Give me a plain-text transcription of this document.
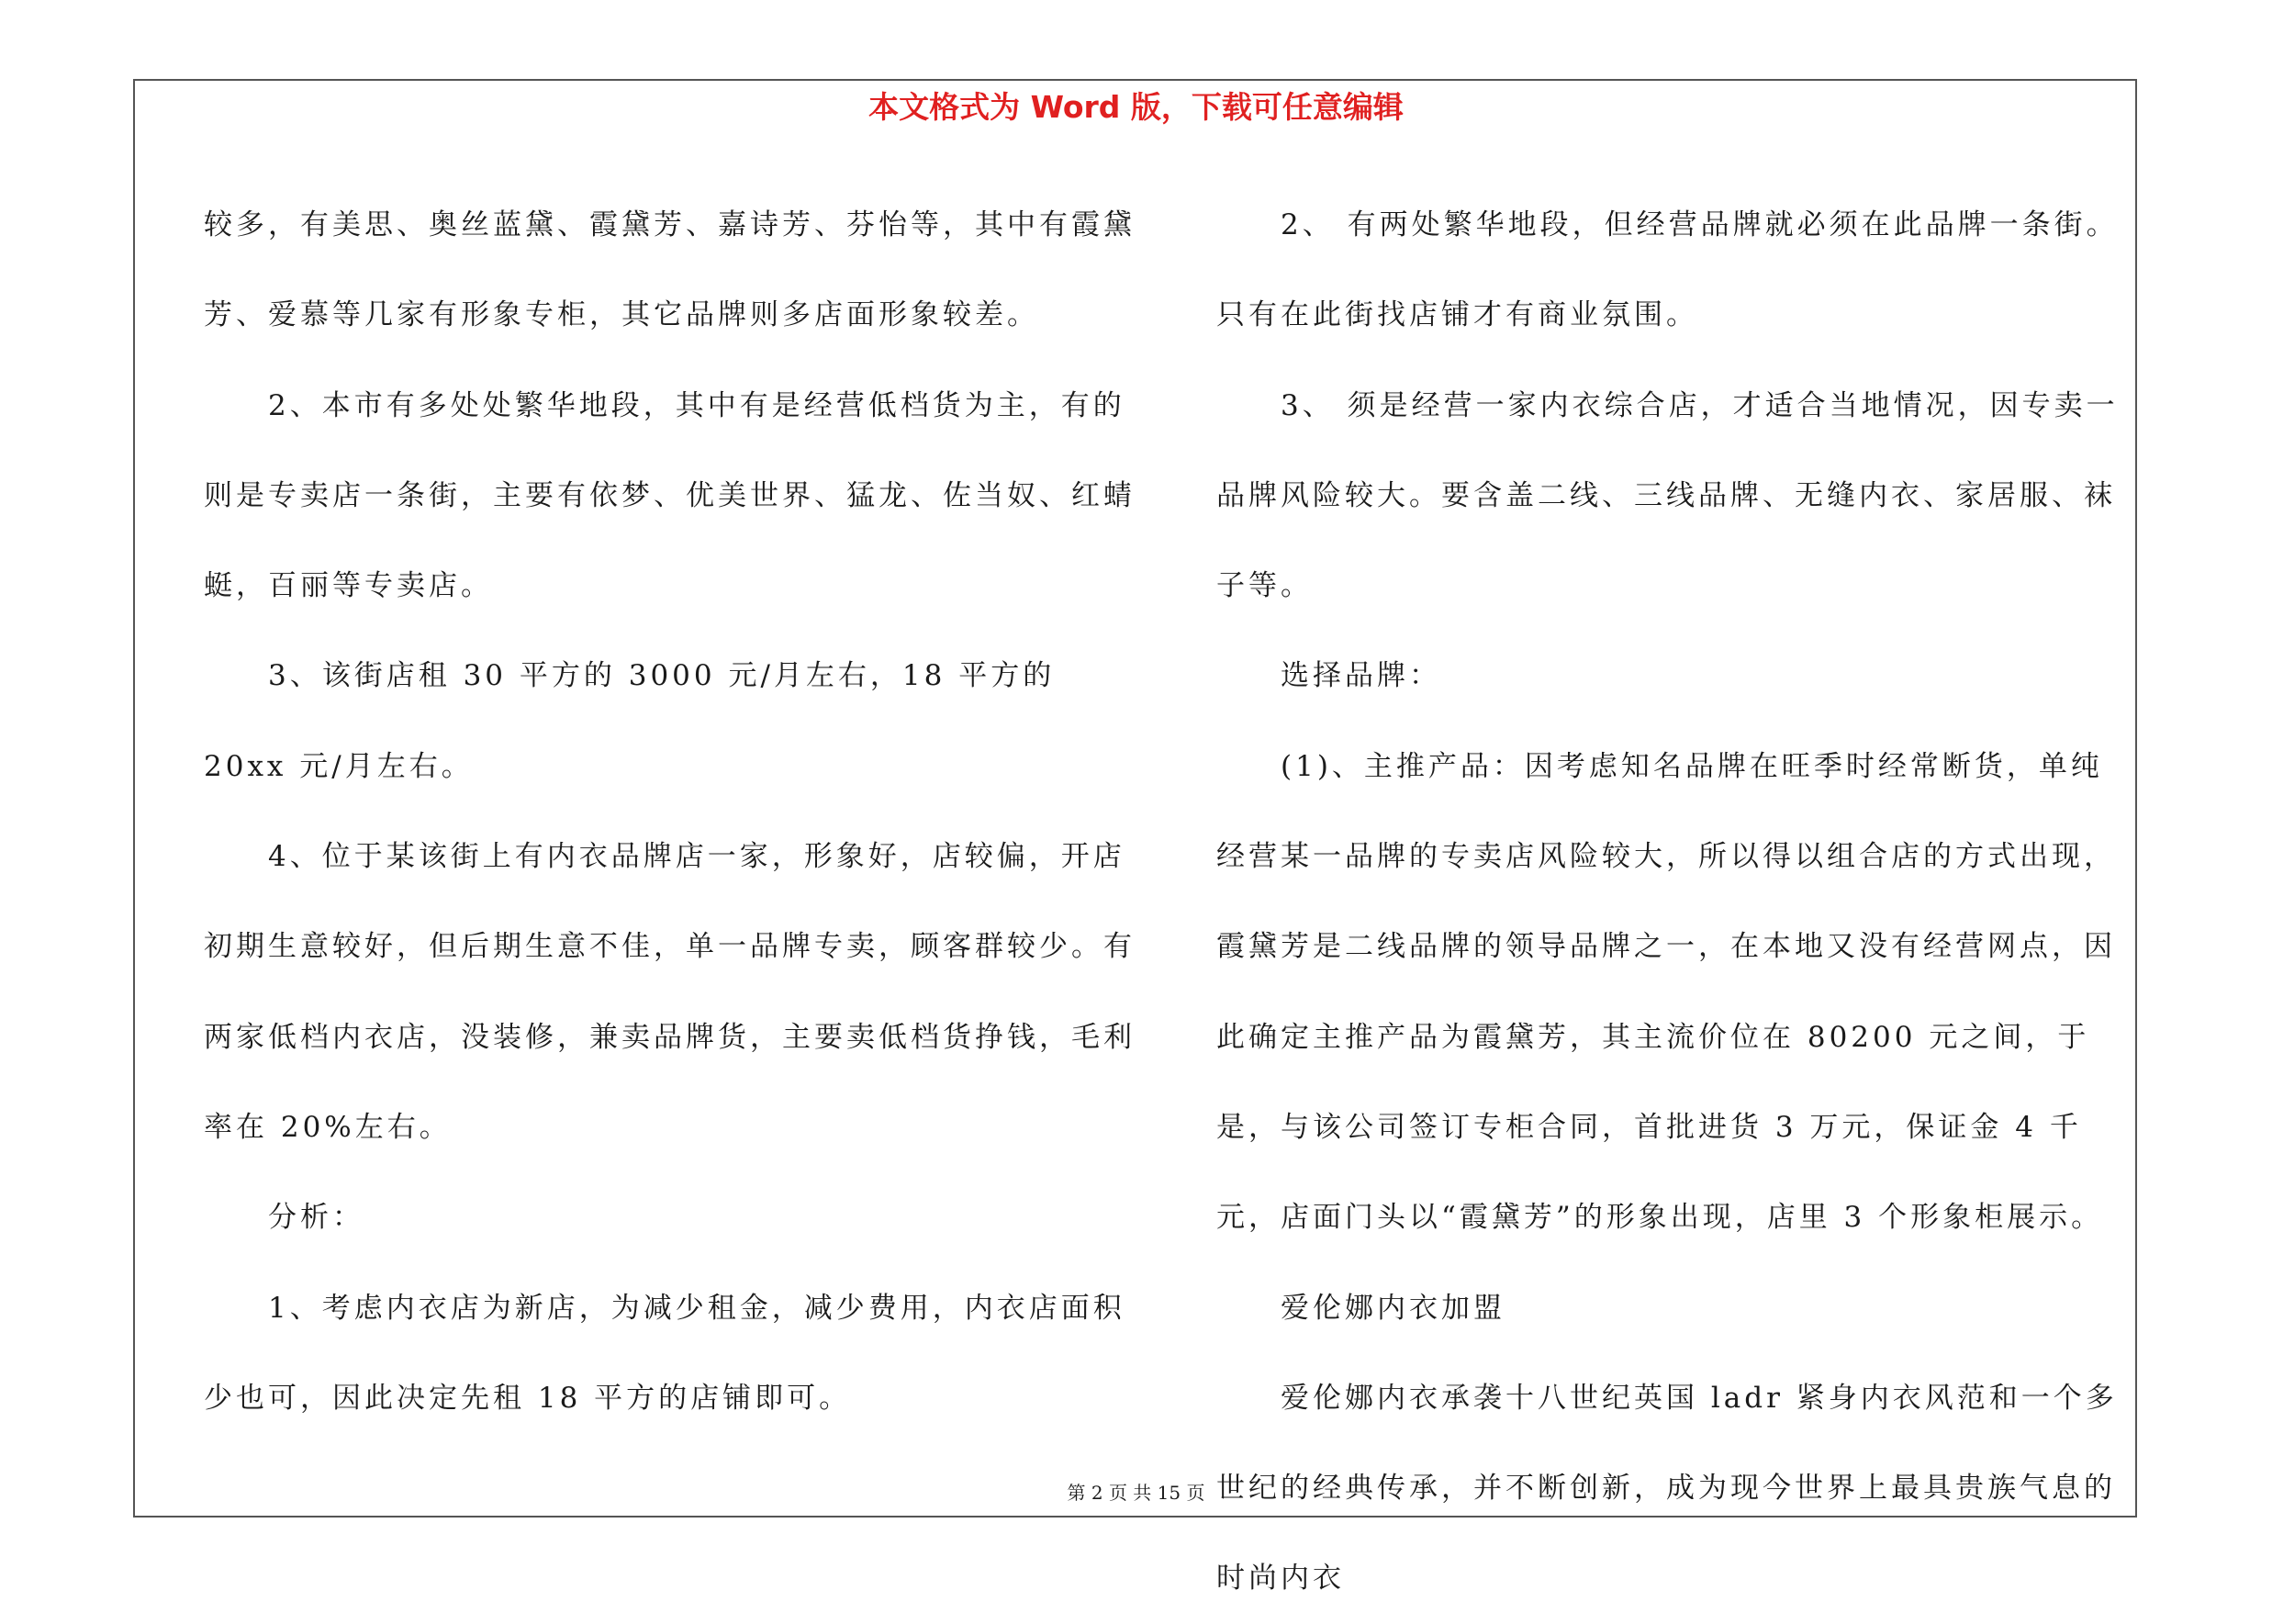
本文格式为 Word 版，下载可任意编辑

较多，有美思、奥丝蓝黛、霞黛芳、嘉诗芳、芬怡等，其中有霞黛芳、爱慕等几家有形象专柜，其它品牌则多店面形象较差。

2、本市有多处处繁华地段，其中有是经营低档货为主，有的则是专卖店一条街，主要有依梦、优美世界、猛龙、佐当奴、红蜻蜓，百丽等专卖店。

3、该街店租 30 平方的 3000 元/月左右，18 平方的 20xx 元/月左右。

4、位于某该街上有内衣品牌店一家，形象好，店较偏，开店初期生意较好，但后期生意不佳，单一品牌专卖，顾客群较少。有两家低档内衣店，没装修，兼卖品牌货，主要卖低档货挣钱，毛利率在 20%左右。

分析：

1、考虑内衣店为新店，为减少租金，减少费用，内衣店面积少也可，因此决定先租 18 平方的店铺即可。

2、 有两处繁华地段，但经营品牌就必须在此品牌一条街。只有在此街找店铺才有商业氛围。

3、 须是经营一家内衣综合店，才适合当地情况，因专卖一品牌风险较大。要含盖二线、三线品牌、无缝内衣、家居服、袜子等。

选择品牌：

(1)、主推产品：因考虑知名品牌在旺季时经常断货，单纯经营某一品牌的专卖店风险较大，所以得以组合店的方式出现，霞黛芳是二线品牌的领导品牌之一，在本地又没有经营网点，因此确定主推产品为霞黛芳，其主流价位在 80200 元之间，于是，与该公司签订专柜合同，首批进货 3 万元，保证金 4 千元，店面门头以“霞黛芳”的形象出现，店里 3 个形象柜展示。

爱伦娜内衣加盟

爱伦娜内衣承袭十八世纪英国 ladr 紧身内衣风范和一个多世纪的经典传承，并不断创新，成为现今世界上最具贵族气息的时尚内衣

第 2 页 共 15 页
